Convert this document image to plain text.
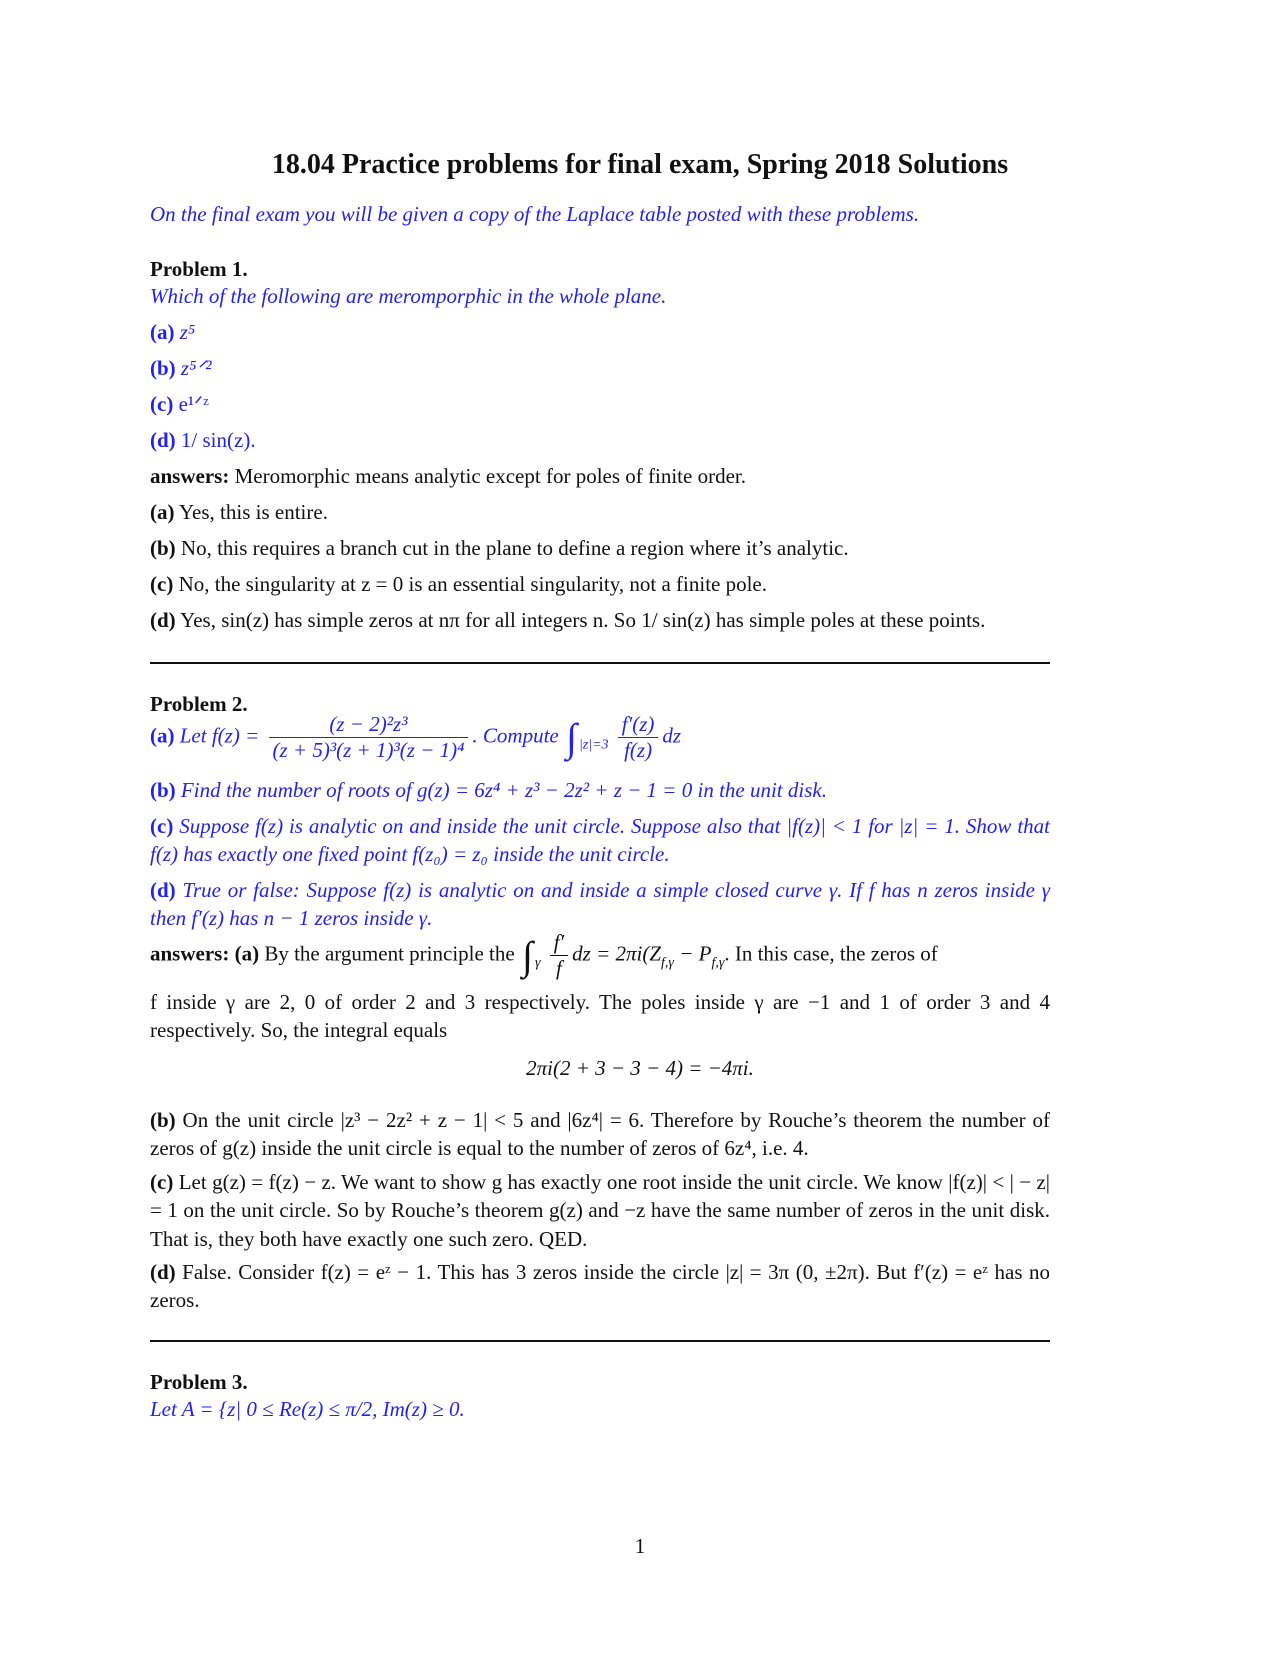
18.04 Practice problems for final exam, Spring 2018 Solutions
On the final exam you will be given a copy of the Laplace table posted with these problems.
Problem 1.
Which of the following are meromporphic in the whole plane.
(a) z⁵
(b) z⁵ᐟ²
(c) e¹ᐟᶻ
(d) 1/ sin(z).
answers: Meromorphic means analytic except for poles of finite order.
(a) Yes, this is entire.
(b) No, this requires a branch cut in the plane to define a region where it’s analytic.
(c) No, the singularity at z = 0 is an essential singularity, not a finite pole.
(d) Yes, sin(z) has simple zeros at nπ for all integers n. So 1/ sin(z) has simple poles at these points.
Problem 2.
(a) Let $f(z) = \frac{\text{(z − 2)²z³}}{\text{(z + 5)³(z + 1)³(z − 1)⁴}}$ . Compute ∫ $_{|z|=3} \frac{f'(z)}{f(z)}$ dz
(b) Find the number of roots of g(z) = 6z⁴ + z³ − 2z² + z − 1 = 0 in the unit disk.
(c) Suppose f(z) is analytic on and inside the unit circle. Suppose also that |f(z)| < 1 for |z| = 1. Show that f(z) has exactly one fixed point f(z₀) = z₀ inside the unit circle.
(d) True or false: Suppose f(z) is analytic on and inside a simple closed curve γ. If f has n zeros inside γ then f′(z) has n − 1 zeros inside γ.
answers: (a) By the argument principle the ∫ $_\gamma \frac{f'}{f}$ dz = $2\pi i(Z_{f,\gamma} - P_{f,\gamma}$. In this case, the zeros of
f inside γ are 2, 0 of order 2 and 3 respectively. The poles inside γ are −1 and 1 of order 3 and 4 respectively. So, the integral equals
2πi(2 + 3 − 3 − 4) = −4πi.
(b) On the unit circle |z³ − 2z² + z − 1| < 5 and |6z⁴| = 6. Therefore by Rouche’s theorem the number of zeros of g(z) inside the unit circle is equal to the number of zeros of 6z⁴, i.e. 4.
(c) Let g(z) = f(z) − z. We want to show g has exactly one root inside the unit circle. We know |f(z)| < | − z| = 1 on the unit circle. So by Rouche’s theorem g(z) and −z have the same number of zeros in the unit disk. That is, they both have exactly one such zero. QED.
(d) False. Consider f(z) = eᶻ − 1. This has 3 zeros inside the circle |z| = 3π (0, ±2π). But f′(z) = eᶻ has no zeros.
Problem 3.
Let A = {z| 0 ≤ Re(z) ≤ π/2, Im(z) ≥ 0.
1
